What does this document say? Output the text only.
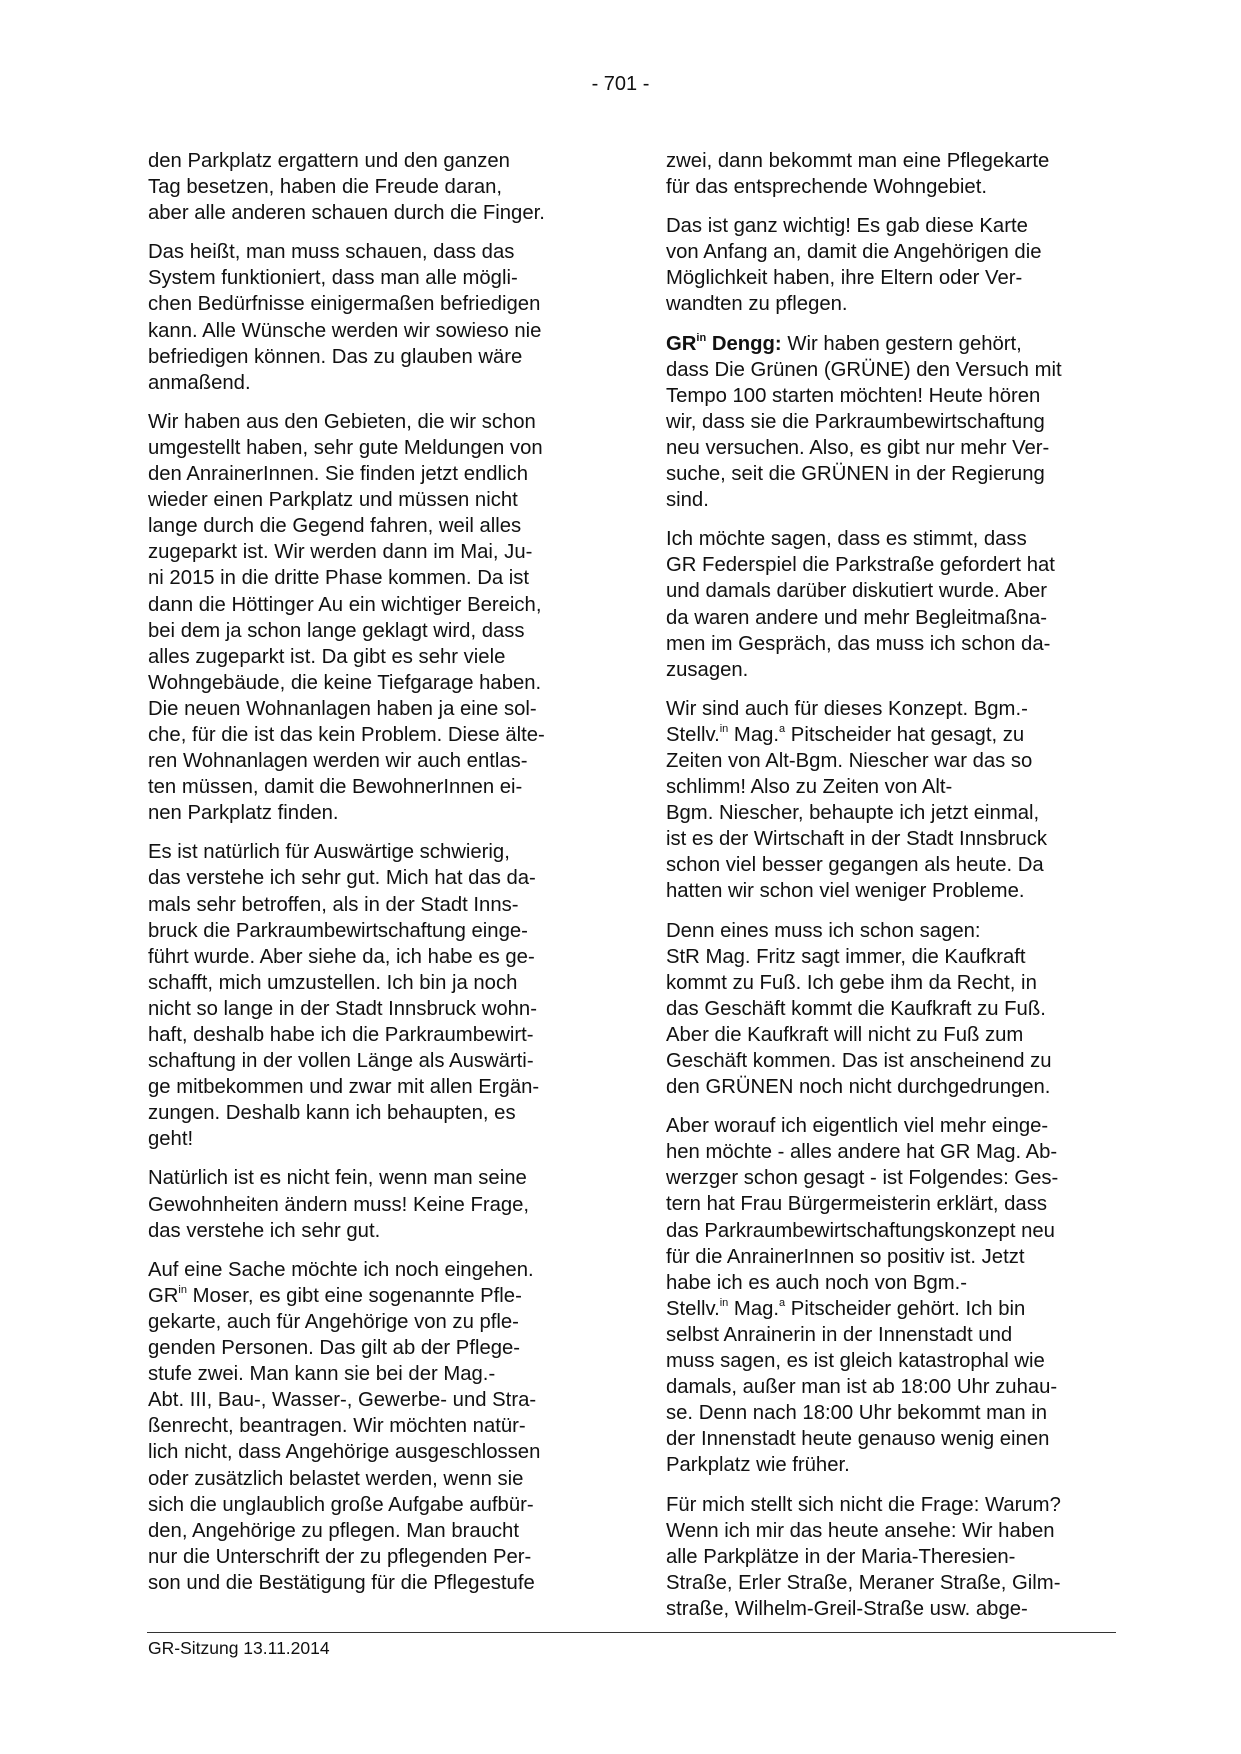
- 701 -

den Parkplatz ergattern und den ganzen
Tag besetzen, haben die Freude daran,
aber alle anderen schauen durch die Finger.

Das heißt, man muss schauen, dass das
System funktioniert, dass man alle mögli-
chen Bedürfnisse einigermaßen befriedigen
kann. Alle Wünsche werden wir sowieso nie
befriedigen können. Das zu glauben wäre
anmaßend.

Wir haben aus den Gebieten, die wir schon
umgestellt haben, sehr gute Meldungen von
den AnrainerInnen. Sie finden jetzt endlich
wieder einen Parkplatz und müssen nicht
lange durch die Gegend fahren, weil alles
zugeparkt ist. Wir werden dann im Mai, Ju-
ni 2015 in die dritte Phase kommen. Da ist
dann die Höttinger Au ein wichtiger Bereich,
bei dem ja schon lange geklagt wird, dass
alles zugeparkt ist. Da gibt es sehr viele
Wohngebäude, die keine Tiefgarage haben.
Die neuen Wohnanlagen haben ja eine sol-
che, für die ist das kein Problem. Diese älte-
ren Wohnanlagen werden wir auch entlas-
ten müssen, damit die BewohnerInnen ei-
nen Parkplatz finden.

Es ist natürlich für Auswärtige schwierig,
das verstehe ich sehr gut. Mich hat das da-
mals sehr betroffen, als in der Stadt Inns-
bruck die Parkraumbewirtschaftung einge-
führt wurde. Aber siehe da, ich habe es ge-
schafft, mich umzustellen. Ich bin ja noch
nicht so lange in der Stadt Innsbruck wohn-
haft, deshalb habe ich die Parkraumbewirt-
schaftung in der vollen Länge als Auswärti-
ge mitbekommen und zwar mit allen Ergän-
zungen. Deshalb kann ich behaupten, es
geht!

Natürlich ist es nicht fein, wenn man seine
Gewohnheiten ändern muss! Keine Frage,
das verstehe ich sehr gut.

Auf eine Sache möchte ich noch eingehen.
$GR^{in}$ Moser, es gibt eine sogenannte Pfle-
gekarte, auch für Angehörige von zu pfle-
genden Personen. Das gilt ab der Pflege-
stufe zwei. Man kann sie bei der Mag.-
Abt. III, Bau-, Wasser-, Gewerbe- und Stra-
ßenrecht, beantragen. Wir möchten natür-
lich nicht, dass Angehörige ausgeschlossen
oder zusätzlich belastet werden, wenn sie
sich die unglaublich große Aufgabe aufbür-
den, Angehörige zu pflegen. Man braucht
nur die Unterschrift der zu pflegenden Per-
son und die Bestätigung für die Pflegestufe

zwei, dann bekommt man eine Pflegekarte
für das entsprechende Wohngebiet.

Das ist ganz wichtig! Es gab diese Karte
von Anfang an, damit die Angehörigen die
Möglichkeit haben, ihre Eltern oder Ver-
wandten zu pflegen.

$GR^{in}$ Dengg: Wir haben gestern gehört,
dass Die Grünen (GRÜNE) den Versuch mit
Tempo 100 starten möchten! Heute hören
wir, dass sie die Parkraumbewirtschaftung
neu versuchen. Also, es gibt nur mehr Ver-
suche, seit die GRÜNEN in der Regierung
sind.

Ich möchte sagen, dass es stimmt, dass
GR Federspiel die Parkstraße gefordert hat
und damals darüber diskutiert wurde. Aber
da waren andere und mehr Begleitmaßna-
men im Gespräch, das muss ich schon da-
zusagen.

Wir sind auch für dieses Konzept. Bgm.-
Stellv.$^{in}$ Mag.$^a$ Pitscheider hat gesagt, zu
Zeiten von Alt-Bgm. Niescher war das so
schlimm! Also zu Zeiten von Alt-
Bgm. Niescher, behaupte ich jetzt einmal,
ist es der Wirtschaft in der Stadt Innsbruck
schon viel besser gegangen als heute. Da
hatten wir schon viel weniger Probleme.

Denn eines muss ich schon sagen:
StR Mag. Fritz sagt immer, die Kaufkraft
kommt zu Fuß. Ich gebe ihm da Recht, in
das Geschäft kommt die Kaufkraft zu Fuß.
Aber die Kaufkraft will nicht zu Fuß zum
Geschäft kommen. Das ist anscheinend zu
den GRÜNEN noch nicht durchgedrungen.

Aber worauf ich eigentlich viel mehr einge-
hen möchte - alles andere hat GR Mag. Ab-
werzger schon gesagt - ist Folgendes: Ges-
tern hat Frau Bürgermeisterin erklärt, dass
das Parkraumbewirtschaftungskonzept neu
für die AnrainerInnen so positiv ist. Jetzt
habe ich es auch noch von Bgm.-
Stellv.$^{in}$ Mag.$^a$ Pitscheider gehört. Ich bin
selbst Anrainerin in der Innenstadt und
muss sagen, es ist gleich katastrophal wie
damals, außer man ist ab 18:00 Uhr zuhau-
se. Denn nach 18:00 Uhr bekommt man in
der Innenstadt heute genauso wenig einen
Parkplatz wie früher.

Für mich stellt sich nicht die Frage: Warum?
Wenn ich mir das heute ansehe: Wir haben
alle Parkplätze in der Maria-Theresien-
Straße, Erler Straße, Meraner Straße, Gilm-
straße, Wilhelm-Greil-Straße usw. abge-

GR-Sitzung 13.11.2014
